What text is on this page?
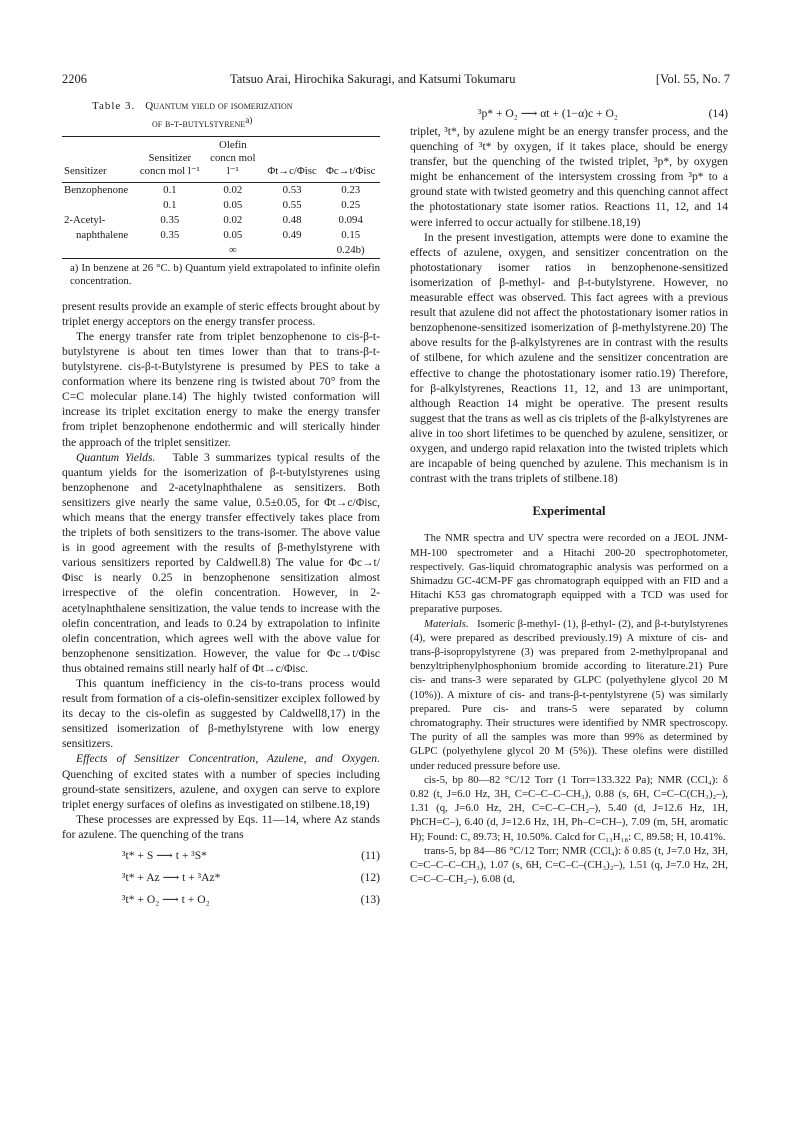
2206	Tatsuo Arai, Hirochika Sakuragi, and Katsumi Tokumaru	[Vol. 55, No. 7
Table 3. Quantum yield of isomerization
of β-t-butylstyrene$^{a)}$
Sensitizer	Sensitizer concn mol l⁻¹	Olefin concn mol l⁻¹	Φt→c/Φisc	Φc→t/Φisc
Benzophenone	0.1	0.02	0.53	0.23
	0.1	0.05	0.55	0.25
2-Acetyl-	0.35	0.02	0.48	0.094
naphthalene	0.35	0.05	0.49	0.15
		∞		0.24b)
a) In benzene at 26 °C. b) Quantum yield extrapolated to infinite olefin concentration.

present results provide an example of steric effects brought about by triplet energy acceptors on the energy transfer process.

The energy transfer rate from triplet benzophenone to cis-β-t-butylstyrene is about ten times lower than that to trans-β-t-butylstyrene. cis-β-t-Butylstyrene is presumed by PES to take a conformation where its benzene ring is twisted about 70° from the C=C molecular plane.14) The highly twisted conformation will increase its triplet excitation energy to make the energy transfer from triplet benzophenone endothermic and will sterically hinder the approach of the triplet sensitizer.

Quantum Yields. Table 3 summarizes typical results of the quantum yields for the isomerization of β-t-butylstyrenes using benzophenone and 2-acetylnaphthalene as sensitizers. Both sensitizers give nearly the same value, 0.5±0.05, for Φt→c/Φisc, which means that the energy transfer effectively takes place from the triplets of both sensitizers to the trans-isomer. The above value is in good agreement with the results of β-methylstyrene with various sensitizers reported by Caldwell.8) The value for Φc→t/Φisc is nearly 0.25 in benzophenone sensitization almost irrespective of the olefin concentration. However, in 2-acetylnaphthalene sensitization, the value tends to increase with the olefin concentration, and leads to 0.24 by extrapolation to infinite olefin concentration, which agrees well with the above value for benzophenone sensitization. However, the value for Φc→t/Φisc thus obtained remains still nearly half of Φt→c/Φisc.

This quantum inefficiency in the cis-to-trans process would result from formation of a cis-olefin-sensitizer exciplex followed by its decay to the cis-olefin as suggested by Caldwell8,17) in the sensitized isomerization of β-methylstyrene with low energy sensitizers.

Effects of Sensitizer Concentration, Azulene, and Oxygen. Quenching of excited states with a number of species including ground-state sensitizers, azulene, and oxygen can serve to explore triplet energy surfaces of olefins as investigated on stilbene.18,19)

These processes are expressed by Eqs. 11—14, where Az stands for azulene. The quenching of the trans

³t* + S ⟶ t + ³S*	(11)
³t* + Az ⟶ t + ³Az*	(12)
³t* + O₂ ⟶ t + O₂	(13)
³p* + O₂ ⟶ αt + (1−α)c + O₂	(14)

triplet, ³t*, by azulene might be an energy transfer process, and the quenching of ³t* by oxygen, if it takes place, should be energy transfer, but the quenching of the twisted triplet, ³p*, by oxygen might be enhancement of the intersystem crossing from ³p* to a ground state with twisted geometry and this quenching cannot affect the photostationary state isomer ratios. Reactions 11, 12, and 14 were inferred to occur actually for stilbene.18,19)

In the present investigation, attempts were done to examine the effects of azulene, oxygen, and sensitizer concentration on the photostationary isomer ratios in benzophenone-sensitized isomerization of β-methyl- and β-t-butylstyrene. However, no measurable effect was observed. This fact agrees with a previous result that azulene did not affect the photostationary isomer ratios in benzophenone-sensitized isomerization of β-methylstyrene.20) The above results for the β-alkylstyrenes are in contrast with the results of stilbene, for which azulene and the sensitizer concentration are effective to change the photostationary isomer ratio.19) Therefore, for β-alkylstyrenes, Reactions 11, 12, and 13 are unimportant, although Reaction 14 might be operative. The present results suggest that the trans as well as cis triplets of the β-alkylstyrenes are alive in too short lifetimes to be quenched by azulene, sensitizer, or oxygen, and undergo rapid relaxation into the twisted triplets which are incapable of being quenched by azulene. This mechanism is in contrast with the trans triplets of stilbene.18)

Experimental

The NMR spectra and UV spectra were recorded on a JEOL JNM-MH-100 spectrometer and a Hitachi 200-20 spectrophotometer, respectively. Gas-liquid chromatographic analysis was performed on a Shimadzu GC-4CM-PF gas chromatograph equipped with an FID and a Hitachi K53 gas chromatograph equipped with a TCD was used for preparative purposes.

Materials. Isomeric β-methyl- (1), β-ethyl- (2), and β-t-butylstyrenes (4), were prepared as described previously.19) A mixture of cis- and trans-β-isopropylstyrene (3) was prepared from 2-methylpropanal and benzyltriphenylphosphonium bromide according to literature.21) Pure cis- and trans-3 were separated by GLPC (polyethylene glycol 20 M (10%)). A mixture of cis- and trans-β-t-pentylstyrene (5) was similarly prepared. Pure cis- and trans-5 were separated by column chromatography. Their structures were identified by NMR spectroscopy. The purity of all the samples was more than 99% as determined by GLPC (polyethylene glycol 20 M (5%)). These olefins were distilled under reduced pressure before use.

cis-5, bp 80—82 °C/12 Torr (1 Torr=133.322 Pa); NMR (CCl₄): δ 0.82 (t, J=6.0 Hz, 3H, C=C–C–C–CH₃), 0.88 (s, 6H, C=C–C(CH₃)₂–), 1.31 (q, J=6.0 Hz, 2H, C=C–C–CH₂–), 5.40 (d, J=12.6 Hz, 1H, PhCH=C–), 6.40 (d, J=12.6 Hz, 1H, Ph–C=CH–), 7.09 (m, 5H, aromatic H); Found: C, 89.73; H, 10.50%. Calcd for C₁₃H₁₈: C, 89.58; H, 10.41%.

trans-5, bp 84—86 °C/12 Torr; NMR (CCl₄): δ 0.85 (t, J=7.0 Hz, 3H, C=C–C–C–CH₃), 1.07 (s, 6H, C=C–C–(CH₃)₂–), 1.51 (q, J=7.0 Hz, 2H, C=C–C–CH₂–), 6.08 (d,
